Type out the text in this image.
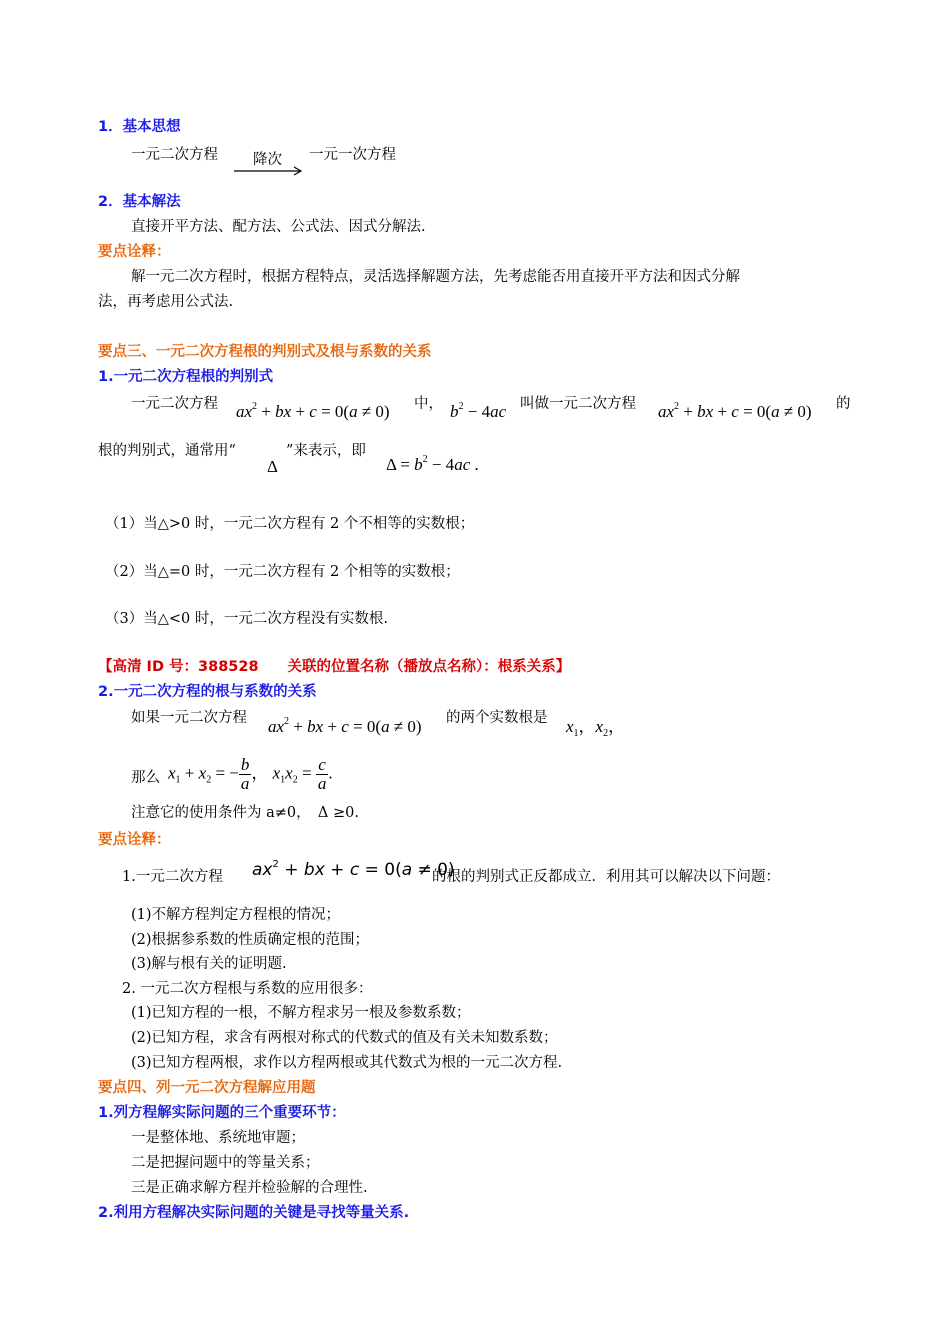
1．基本思想
一元二次方程 降次 一元一次方程
2．基本解法
直接开平方法、配方法、公式法、因式分解法.
要点诠释：
解一元二次方程时，根据方程特点，灵活选择解题方法，先考虑能否用直接开平方法和因式分解
法，再考虑用公式法.
要点三、一元二次方程根的判别式及根与系数的关系
1.一元二次方程根的判别式
一元二次方程 $ax^2$ + bx + c = 0(a ≠ 0) 中， $b^2 - 4ac$ 叫做一元二次方程 $ax^2$ + bx + c = 0(a ≠ 0) 的
根的判别式，通常用“
Δ
”来表示，即
$\Delta = b^2 - 4ac$ .
（1）当△>0 时，一元二次方程有 2 个不相等的实数根；
（2）当△=0 时，一元二次方程有 2 个相等的实数根；
（3）当△<0 时，一元二次方程没有实数根.
【高清 ID 号：388528　　关联的位置名称（播放点名称）：根系关系】
2.一元二次方程的根与系数的关系
如果一元二次方程 $ax^2$ + bx + c = 0(a ≠ 0) 的两个实数根是 $x_1$，$x_2$，
那么 $x_1 + x_2$ = − $\frac{b}{a}$ ， $x_1x_2 = \frac{c}{a}$ .
注意它的使用条件为 a≠0，　Δ ≥0.
要点诠释：
1.一元二次方程 $ax^2$ + bx + c = 0(a ≠ 0)
的根的判别式正反都成立．利用其可以解决以下问题：
(1)不解方程判定方程根的情况；
(2)根据参系数的性质确定根的范围；
(3)解与根有关的证明题.
2. 一元二次方程根与系数的应用很多：
(1)已知方程的一根，不解方程求另一根及参数系数；
(2)已知方程，求含有两根对称式的代数式的值及有关未知数系数；
(3)已知方程两根，求作以方程两根或其代数式为根的一元二次方程.
要点四、列一元二次方程解应用题
1.列方程解实际问题的三个重要环节：
一是整体地、系统地审题；
二是把握问题中的等量关系；
三是正确求解方程并检验解的合理性.
2.利用方程解决实际问题的关键是寻找等量关系.
